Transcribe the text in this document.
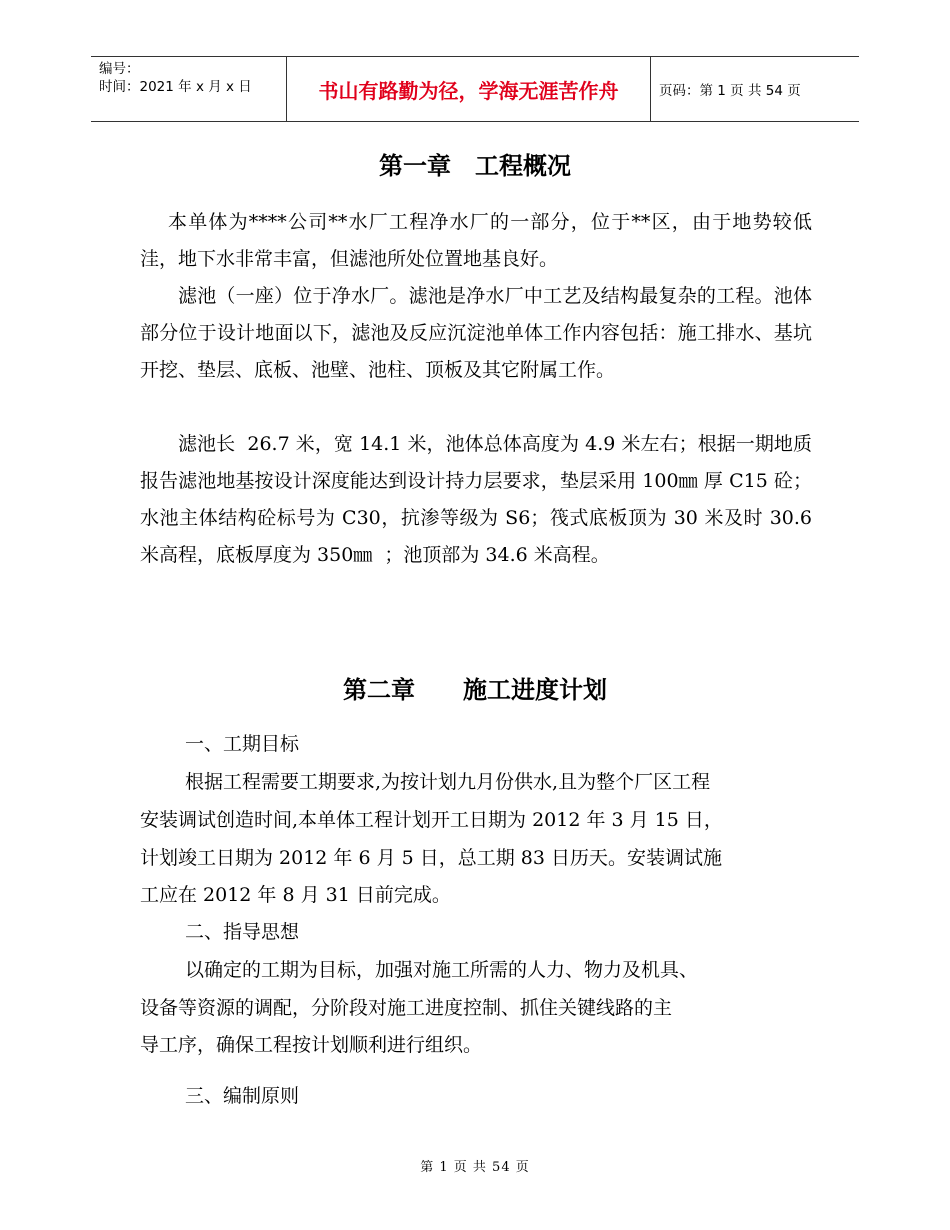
编号：
时间：2021 年 x 月 x 日	书山有路勤为径，学海无涯苦作舟	页码：第 1 页 共 54 页
第一章　工程概况

本单体为****公司**水厂工程净水厂的一部分，位于**区，由于地势较低洼，地下水非常丰富，但滤池所处位置地基良好。

滤池（一座）位于净水厂。滤池是净水厂中工艺及结构最复杂的工程。池体部分位于设计地面以下，滤池及反应沉淀池单体工作内容包括：施工排水、基坑开挖、垫层、底板、池壁、池柱、顶板及其它附属工作。

滤池长  26.7 米，宽 14.1 米，池体总体高度为 4.9 米左右；根据一期地质报告滤池地基按设计深度能达到设计持力层要求，垫层采用 100㎜ 厚 C15 砼；水池主体结构砼标号为 C30，抗渗等级为 S6；筏式底板顶为 30 米及时 30.6 米高程，底板厚度为 350㎜  ；池顶部为 34.6 米高程。

第二章　　施工进度计划
一、工期目标
根据工程需要工期要求,为按计划九月份供水,且为整个厂区工程
安装调试创造时间,本单体工程计划开工日期为 2012 年 3 月 15 日，
计划竣工日期为 2012 年 6 月 5 日，总工期 83 日历天。安装调试施
工应在 2012 年 8 月 31 日前完成。
二、指导思想
以确定的工期为目标，加强对施工所需的人力、物力及机具、
设备等资源的调配，分阶段对施工进度控制、抓住关键线路的主
导工序，确保工程按计划顺利进行组织。
三、编制原则
第 1 页 共 54 页
